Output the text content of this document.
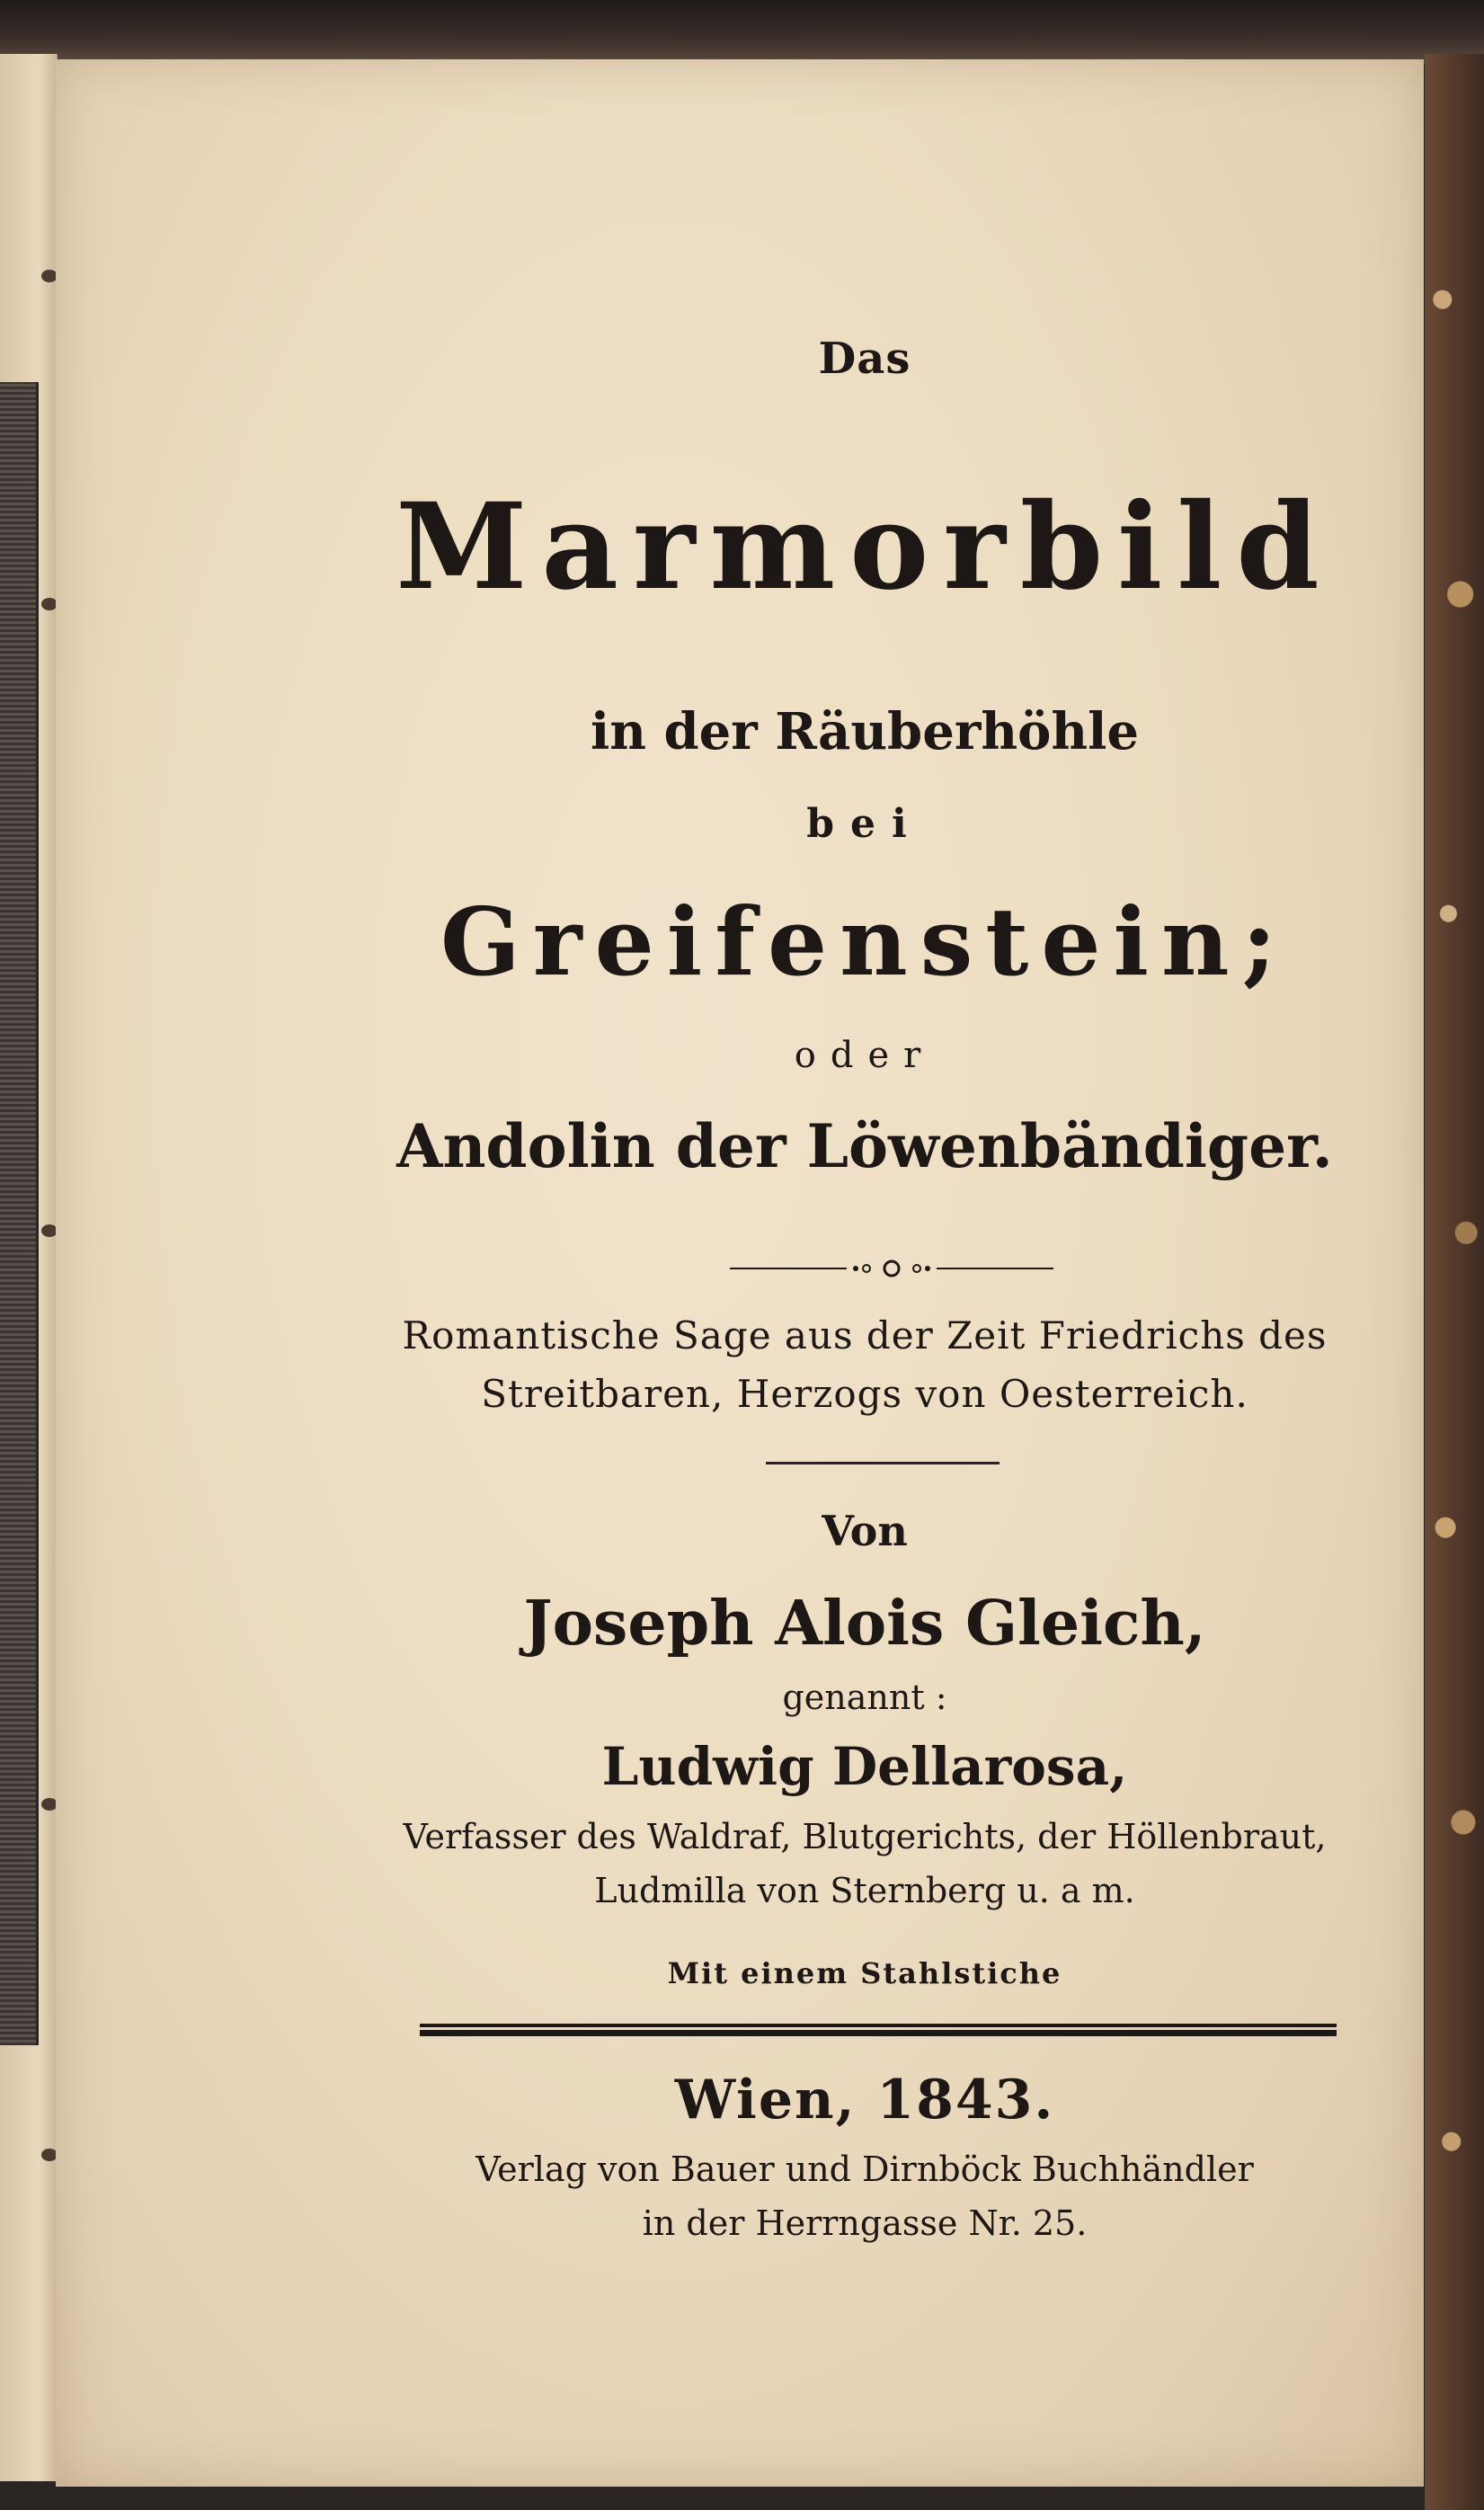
Das
Marmorbild
in der Räuberhöhle
bei
Greifenstein;
oder
Andolin der Löwenbändiger.
Romantische Sage aus der Zeit Friedrichs des
Streitbaren, Herzogs von Oesterreich.
Von
Joseph Alois Gleich,
genannt :
Ludwig Dellarosa,
Verfasser des Waldraf, Blutgerichts, der Höllenbraut,
Ludmilla von Sternberg u. a m.
Mit einem Stahlstiche
Wien, 1843.
Verlag von Bauer und Dirnböck Buchhändler
in der Herrngasse Nr. 25.
